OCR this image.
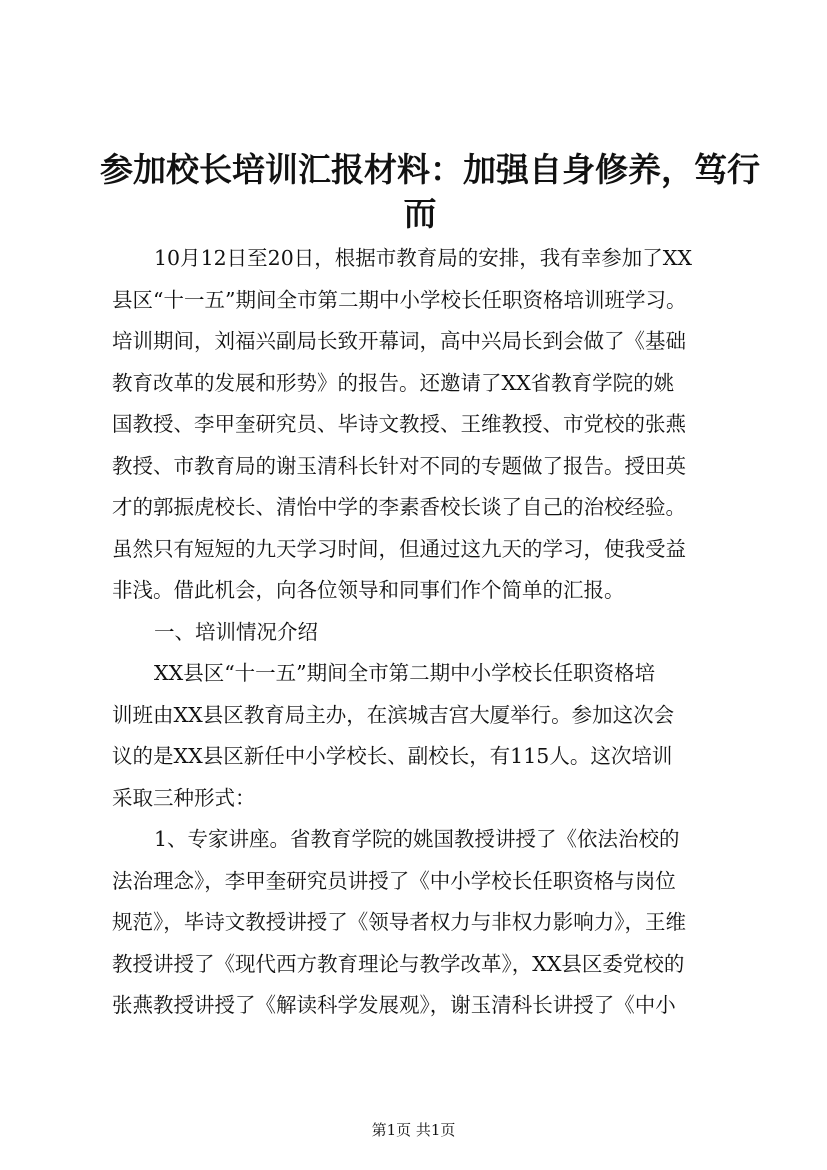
参加校长培训汇报材料：加强自身修养，笃行
而
10月12日至20日，根据市教育局的安排，我有幸参加了XX
县区“十一五”期间全市第二期中小学校长任职资格培训班学习。
培训期间，刘福兴副局长致开幕词，高中兴局长到会做了《基础
教育改革的发展和形势》的报告。还邀请了XX省教育学院的姚
国教授、李甲奎研究员、毕诗文教授、王维教授、市党校的张燕
教授、市教育局的谢玉清科长针对不同的专题做了报告。授田英
才的郭振虎校长、清怡中学的李素香校长谈了自己的治校经验。
虽然只有短短的九天学习时间，但通过这九天的学习，使我受益
非浅。借此机会，向各位领导和同事们作个简单的汇报。
一、培训情况介绍
XX县区“十一五”期间全市第二期中小学校长任职资格培
训班由XX县区教育局主办，在滨城吉宫大厦举行。参加这次会
议的是XX县区新任中小学校长、副校长，有115人。这次培训
采取三种形式：
1、专家讲座。省教育学院的姚国教授讲授了《依法治校的
法治理念》，李甲奎研究员讲授了《中小学校长任职资格与岗位
规范》，毕诗文教授讲授了《领导者权力与非权力影响力》，王维
教授讲授了《现代西方教育理论与教学改革》，XX县区委党校的
张燕教授讲授了《解读科学发展观》，谢玉清科长讲授了《中小
第1页 共1页
